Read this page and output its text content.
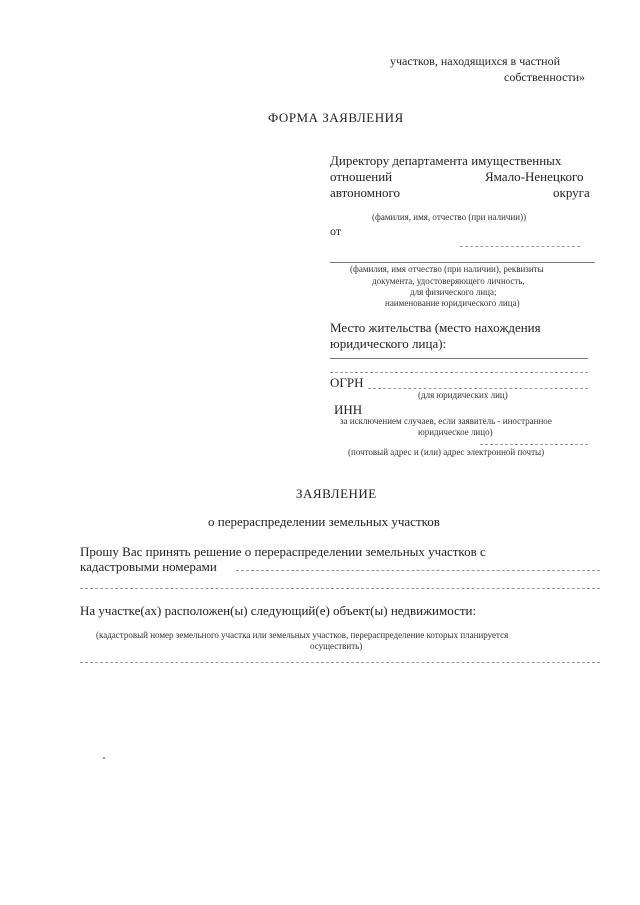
участков, находящихся в частной
собственности»
ФОРМА ЗАЯВЛЕНИЯ
Директору департамента имущественных
отношений	Ямало-Ненецкого
автономного	округа
(фамилия, имя, отчество (при наличии))
от
(фамилия, имя отчество (при наличии), реквизиты
документа, удостоверяющего личность,
для физического лица;
наименование юридического лица)
Место жительства (место нахождения
юридического лица):
ОГРН
(для юридических лиц)
ИНН
за исключением случаев, если заявитель - иностранное
юридическое лицо)
(почтовый адрес и (или) адрес электронной почты)
ЗАЯВЛЕНИЕ
о перераспределении земельных участков
Прошу Вас принять решение о перераспределении земельных участков с
кадастровыми номерами
На участке(ах) расположен(ы) следующий(е) объект(ы) недвижимости:
(кадастровый номер земельного участка или земельных участков, перераспределение которых планируется
осуществить)
